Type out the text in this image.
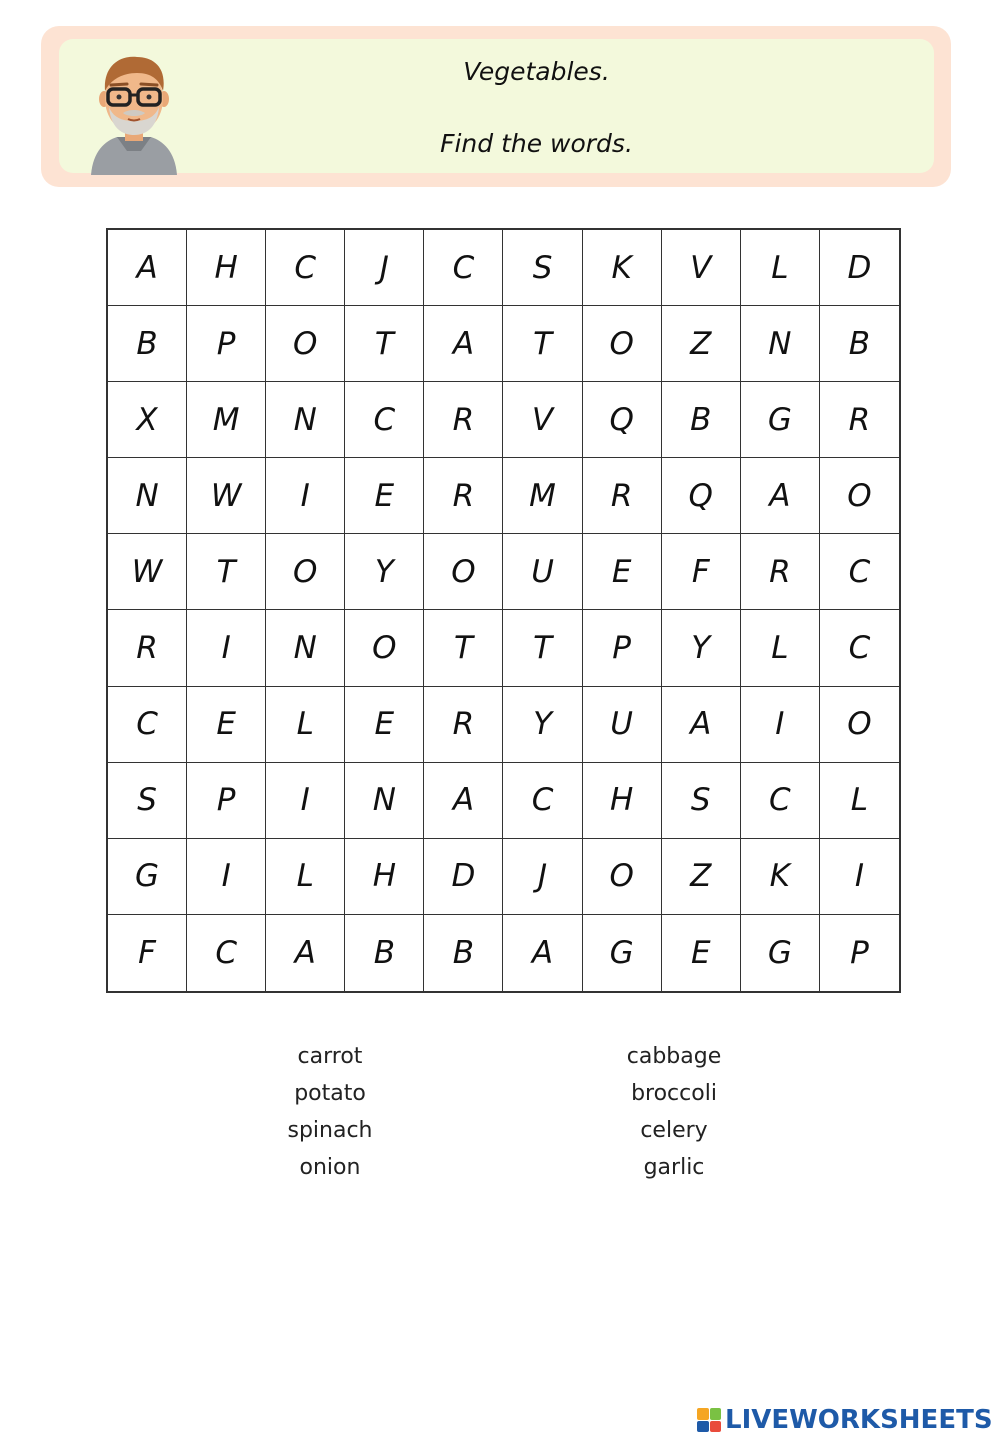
Vegetables.
Find the words.
A	H	C	J	C	S	K	V	L	D
B	P	O	T	A	T	O	Z	N	B
X	M	N	C	R	V	Q	B	G	R
N	W	I	E	R	M	R	Q	A	O
W	T	O	Y	O	U	E	F	R	C
R	I	N	O	T	T	P	Y	L	C
C	E	L	E	R	Y	U	A	I	O
S	P	I	N	A	C	H	S	C	L
G	I	L	H	D	J	O	Z	K	I
F	C	A	B	B	A	G	E	G	P
carrot
potato
spinach
onion
cabbage
broccoli
celery
garlic
LIVEWORKSHEETS
